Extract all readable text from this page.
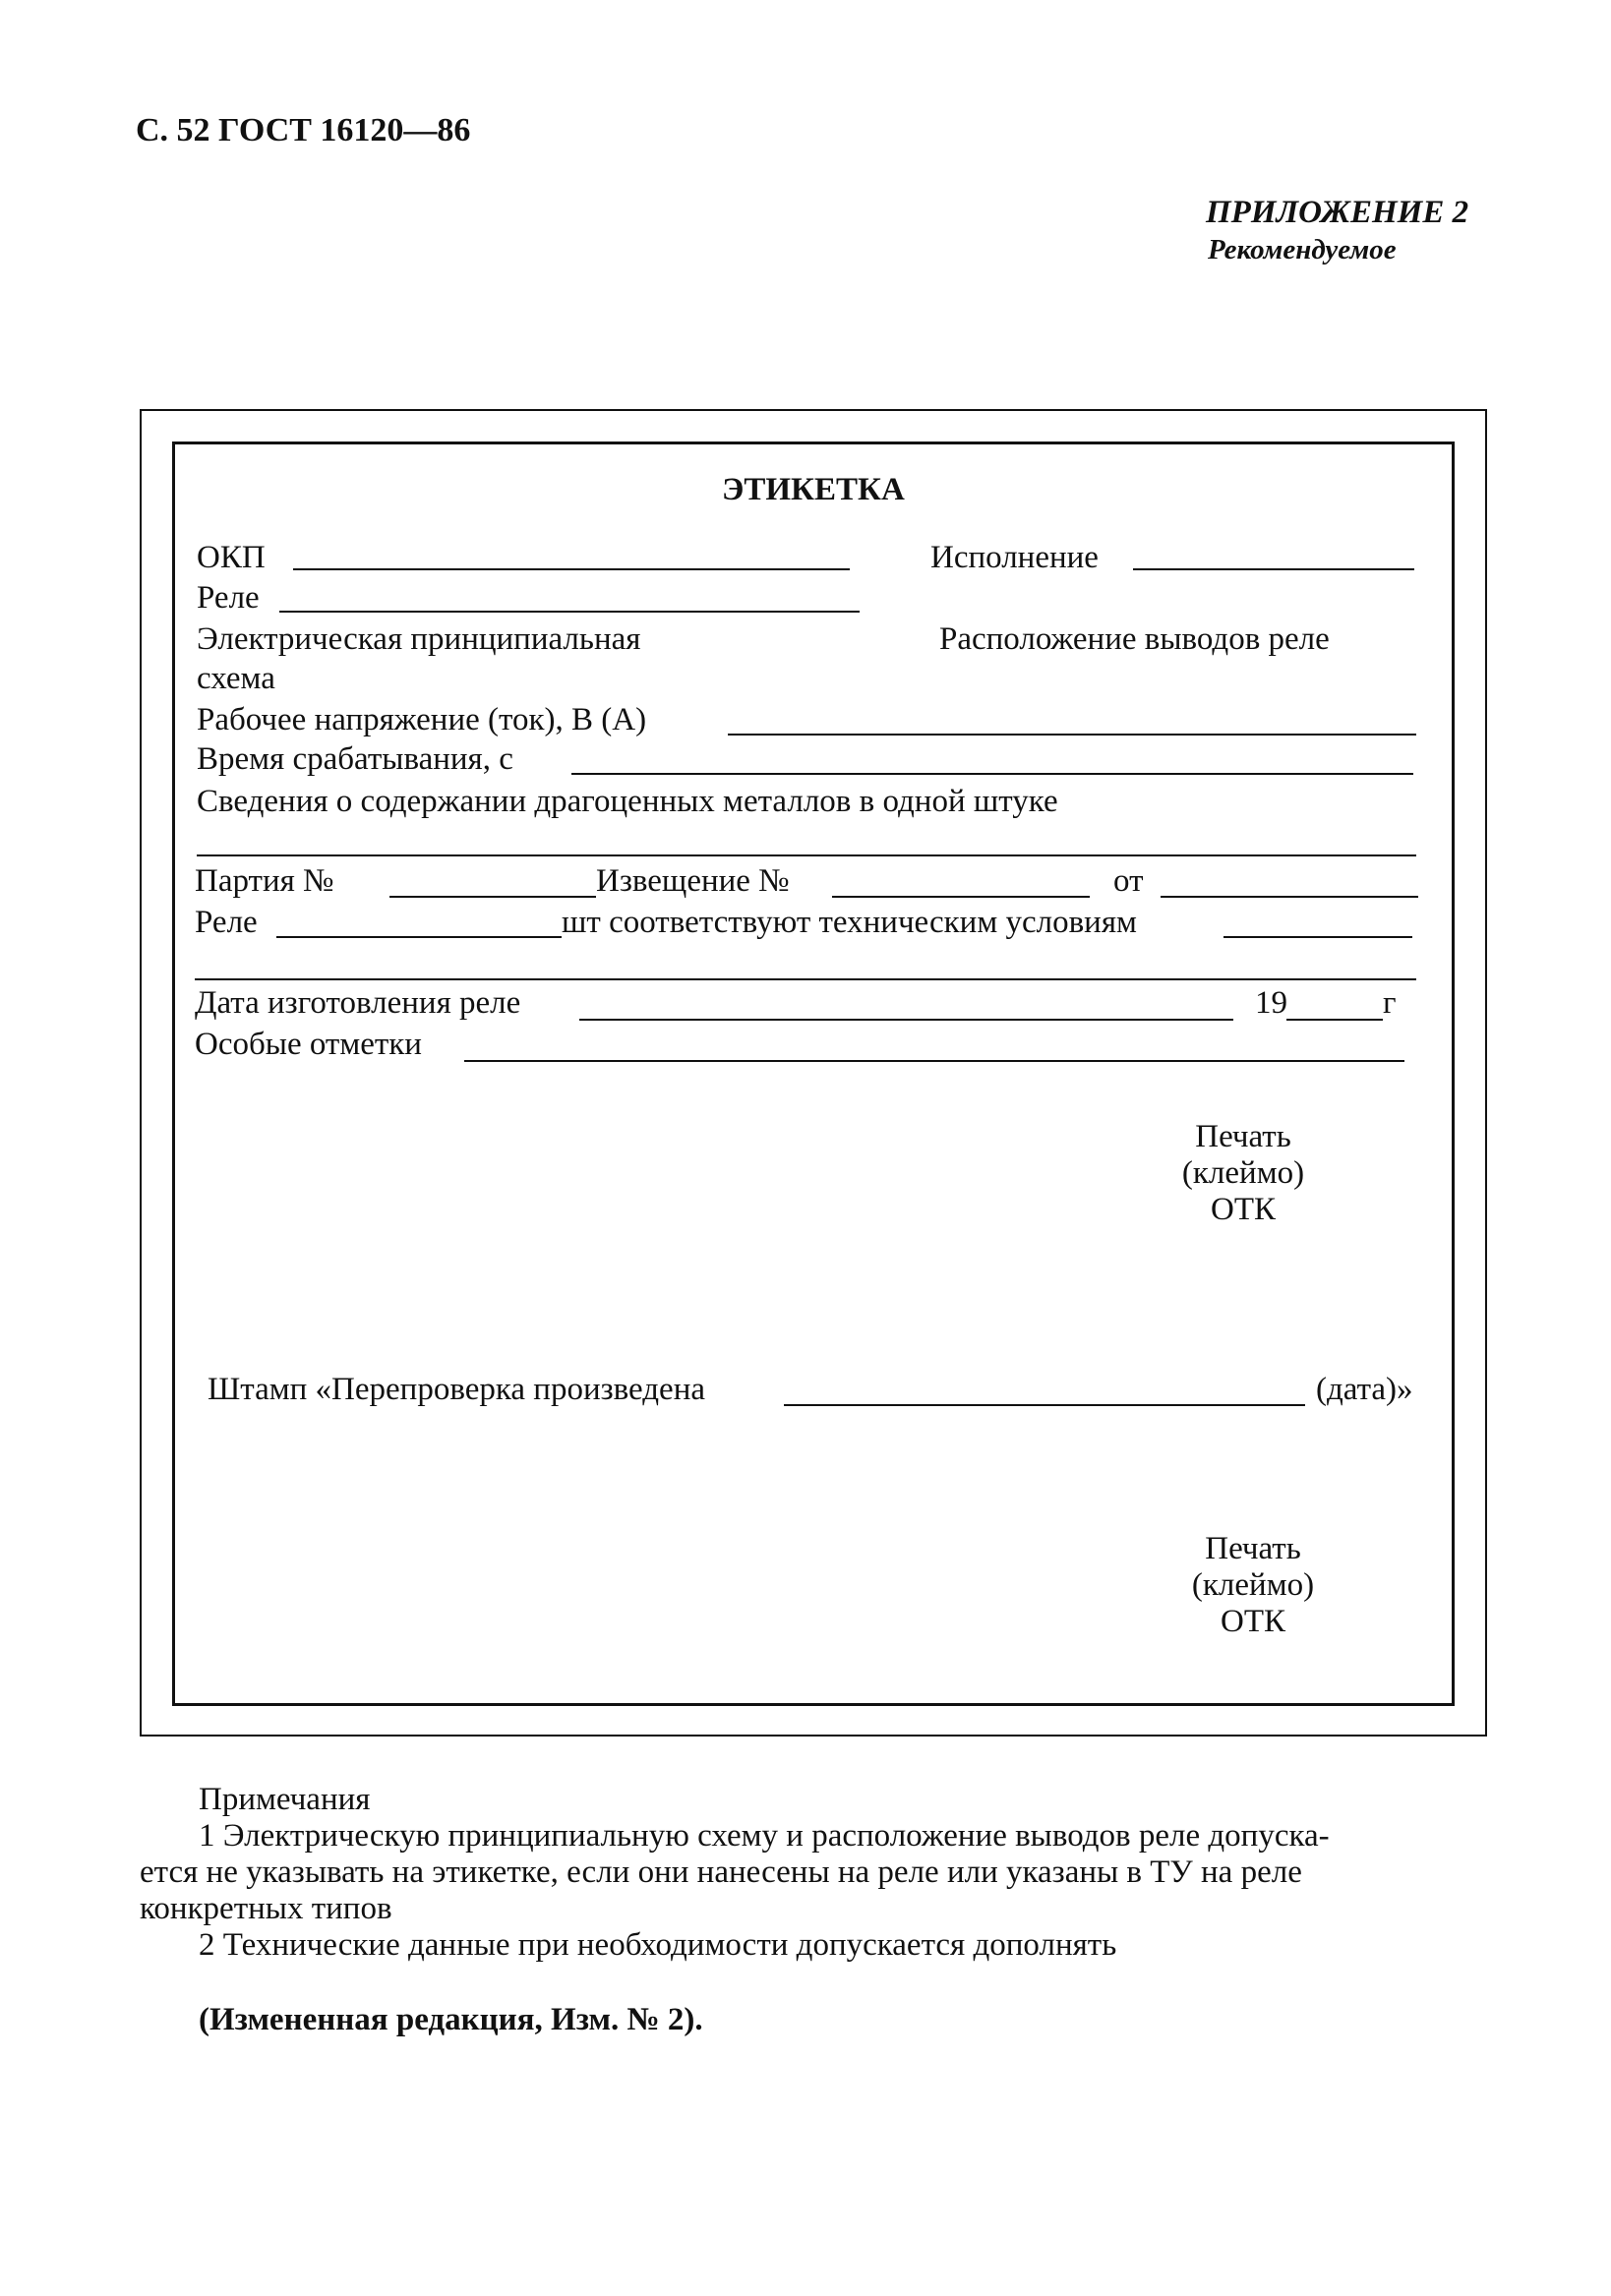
С. 52 ГОСТ 16120—86
ПРИЛОЖЕНИЕ 2
Рекомендуемое
ЭТИКЕТКА
ОКП	Исполнение
Реле
Электрическая принципиальная
схема
Расположение выводов реле
Рабочее напряжение (ток), В (А)
Время срабатывания, с
Сведения о содержании драгоценных металлов в одной штуке
Партия №	Извещение №	от
Реле	шт соответствуют техническим условиям
Дата изготовления реле	19	г
Особые отметки
Печать
(клеймо)
ОТК
Штамп «Перепроверка произведена	(дата)»
Печать
(клеймо)
ОТК
Примечания
1 Электрическую принципиальную схему и расположение выводов реле допуска-
ется не указывать на этикетке, если они нанесены на реле или указаны в ТУ на реле
конкретных типов
2 Технические данные при необходимости допускается дополнять
(Измененная редакция, Изм. № 2).
